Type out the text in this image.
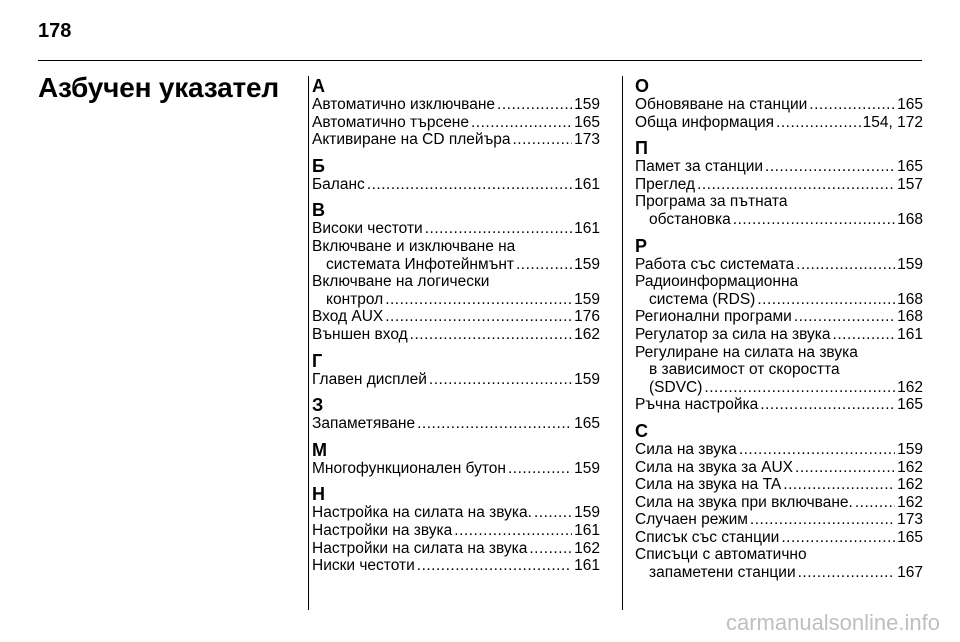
178
Азбучен указател А
Автоматично изключване .....	159
Автоматично търсене .....	165
Активиране на CD плейъра .....	173
Б
Баланс .....	161
В
Високи честоти .....	161
Включване и изключване на
системата Инфотейнмънт .....	159
Включване на логически
контрол .....	159
Вход AUX .....	176
Външен вход .....	162
Г
Главен дисплей .....	159
З
Запаметяване .....	165
М
Многофункционален бутон .....	159
Н
Настройка на силата на звука. .....	159
Настройки на звука .....	161
Настройки на силата на звука .....	162
Ниски честоти .....	161
О
Обновяване на станции .....	165
Обща информация .....	154, 172
П
Памет за станции .....	165
Преглед .....	157
Програма за пътната
обстановка .....	168
Р
Работа със системата .....	159
Радиоинформационна
система (RDS) .....	168
Регионални програми .....	168
Регулатор за сила на звука .....	161
Регулиране на силата на звука
в зависимост от скоростта
(SDVC) .....	162
Ръчна настройка .....	165
С
Сила на звука .....	159
Сила на звука за AUX .....	162
Сила на звука на TA .....	162
Сила на звука при включване. .....	162
Случаен режим .....	173
Списък със станции .....	165
Списъци с автоматично
запаметени станции .....	167
carmanualsonline.info
